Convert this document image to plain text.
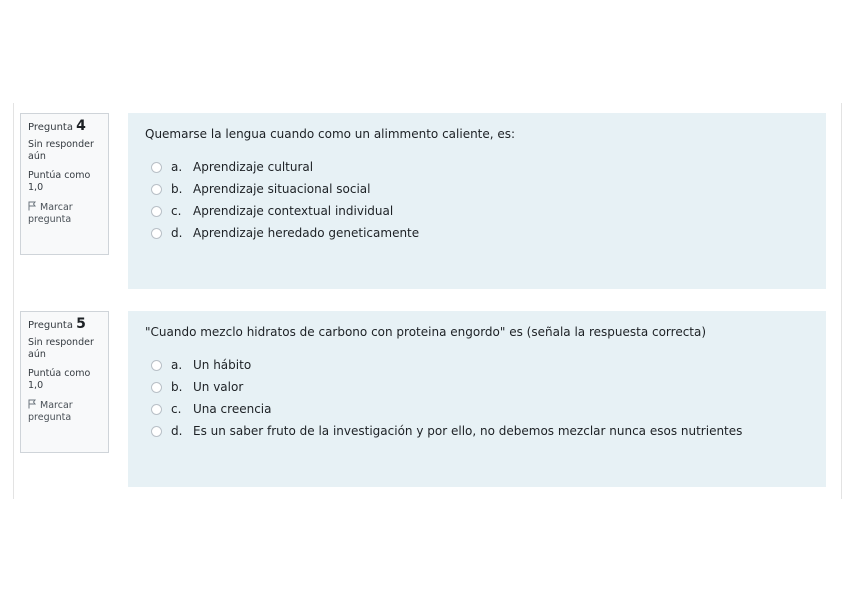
Pregunta 4
Sin responder aún
Puntúa como 1,0
Marcar pregunta
Quemarse la lengua cuando como un alimmento caliente, es:
a. Aprendizaje cultural
b. Aprendizaje situacional social
c. Aprendizaje contextual individual
d. Aprendizaje heredado geneticamente
Pregunta 5
Sin responder aún
Puntúa como 1,0
Marcar pregunta
"Cuando mezclo hidratos de carbono con proteina engordo" es (señala la respuesta correcta)
a. Un hábito
b. Un valor
c. Una creencia
d. Es un saber fruto de la investigación y por ello, no debemos mezclar nunca esos nutrientes
